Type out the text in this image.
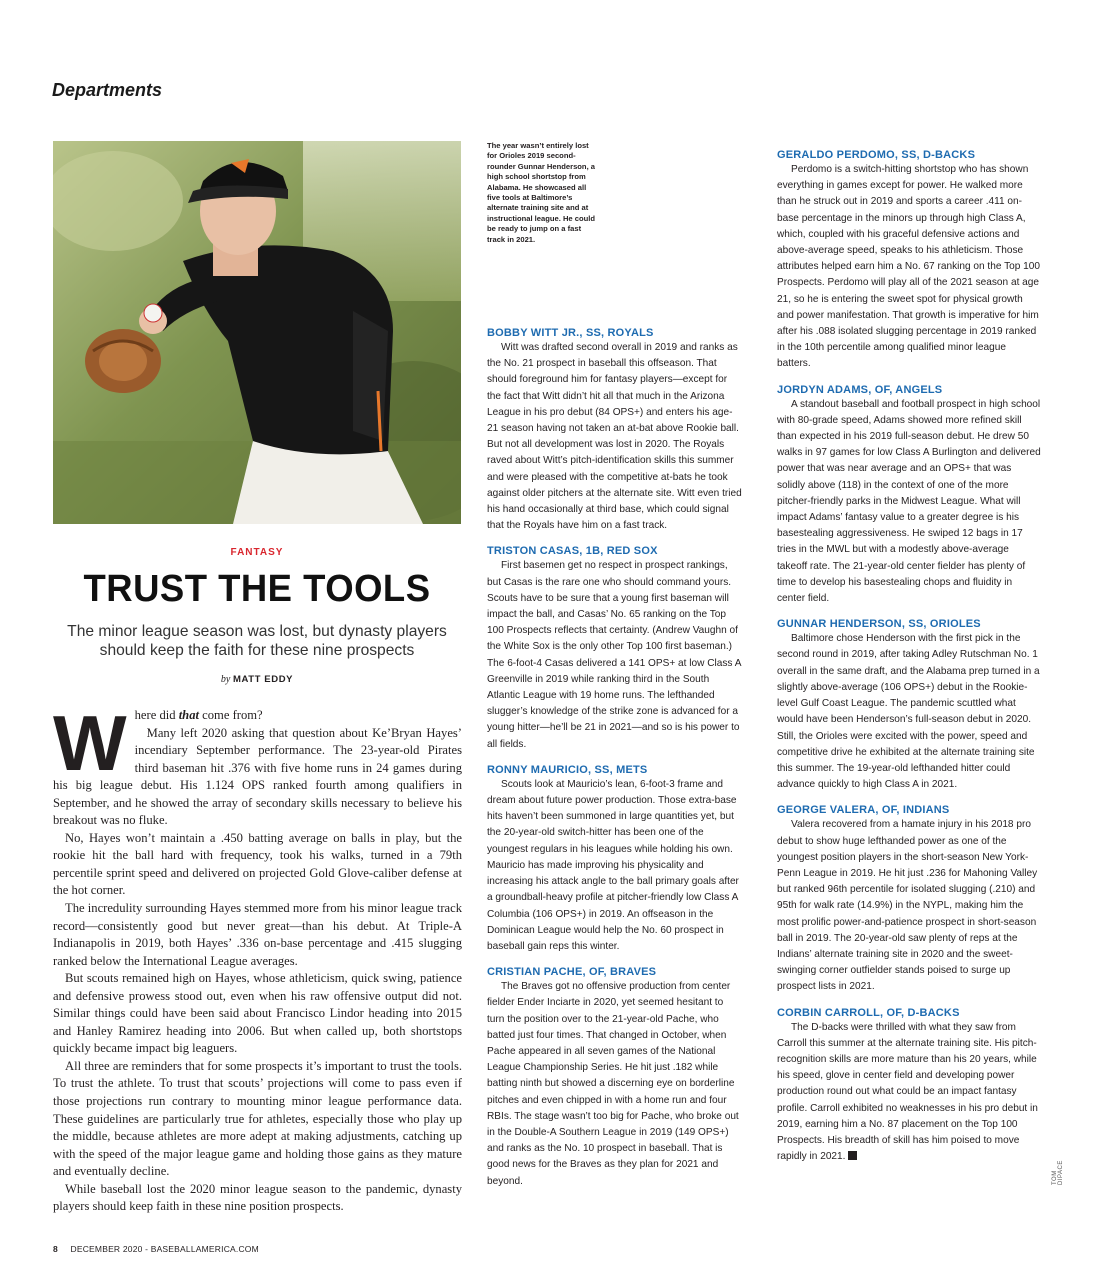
Departments
The year wasn’t entirely lost for Orioles 2019 second-rounder Gunnar Henderson, a high school shortstop from Alabama. He showcased all five tools at Baltimore’s alternate training site and at instructional league. He could be ready to jump on a fast track in 2021.
FANTASY
TRUST THE TOOLS
The minor league season was lost, but dynasty players should keep the faith for these nine prospects
by MATT EDDY

Where did that come from?

Many left 2020 asking that question about Ke’Bryan Hayes’ incendiary September performance. The 23-year-old Pirates third baseman hit .376 with five home runs in 24 games during his big league debut. His 1.124 OPS ranked fourth among qualifiers in September, and he showed the array of secondary skills necessary to believe his breakout was no fluke.

No, Hayes won’t maintain a .450 batting average on balls in play, but the rookie hit the ball hard with frequency, took his walks, turned in a 79th percentile sprint speed and delivered on projected Gold Glove-caliber defense at the hot corner.

The incredulity surrounding Hayes stemmed more from his minor league track record—consistently good but never great—than his debut. At Triple-A Indianapolis in 2019, both Hayes’ .336 on-base percentage and .415 slugging ranked below the International League averages.

But scouts remained high on Hayes, whose athleticism, quick swing, patience and defensive prowess stood out, even when his raw offensive output did not. Similar things could have been said about Francisco Lindor heading into 2015 and Hanley Ramirez heading into 2006. But when called up, both shortstops quickly became impact big leaguers.

All three are reminders that for some prospects it’s important to trust the tools. To trust the athlete. To trust that scouts’ projections will come to pass even if those projections run contrary to mounting minor league performance data. These guidelines are particularly true for athletes, especially those who play up the middle, because athletes are more adept at making adjustments, catching up with the speed of the major league game and holding those gains as they mature and eventually decline.

While baseball lost the 2020 minor league season to the pandemic, dynasty players should keep faith in these nine position prospects.

BOBBY WITT JR., SS, ROYALS

Witt was drafted second overall in 2019 and ranks as the No. 21 prospect in baseball this offseason. That should foreground him for fantasy players—except for the fact that Witt didn’t hit all that much in the Arizona League in his pro debut (84 OPS+) and enters his age-21 season having not taken an at-bat above Rookie ball. But not all development was lost in 2020. The Royals raved about Witt’s pitch-identification skills this summer and were pleased with the competitive at-bats he took against older pitchers at the alternate site. Witt even tried his hand occasionally at third base, which could signal that the Royals have him on a fast track.

TRISTON CASAS, 1B, RED SOX

First basemen get no respect in prospect rankings, but Casas is the rare one who should command yours. Scouts have to be sure that a young first baseman will impact the ball, and Casas’ No. 65 ranking on the Top 100 Prospects reflects that certainty. (Andrew Vaughn of the White Sox is the only other Top 100 first baseman.) The 6-foot-4 Casas delivered a 141 OPS+ at low Class A Greenville in 2019 while ranking third in the South Atlantic League with 19 home runs. The lefthanded slugger’s knowledge of the strike zone is advanced for a young hitter—he’ll be 21 in 2021—and so is his power to all fields.

RONNY MAURICIO, SS, METS

Scouts look at Mauricio’s lean, 6-foot-3 frame and dream about future power production. Those extra-base hits haven’t been summoned in large quantities yet, but the 20-year-old switch-hitter has been one of the youngest regulars in his leagues while holding his own. Mauricio has made improving his physicality and increasing his attack angle to the ball primary goals after a groundball-heavy profile at pitcher-friendly low Class A Columbia (106 OPS+) in 2019. An offseason in the Dominican League would help the No. 60 prospect in baseball gain reps this winter.

CRISTIAN PACHE, OF, BRAVES

The Braves got no offensive production from center fielder Ender Inciarte in 2020, yet seemed hesitant to turn the position over to the 21-year-old Pache, who batted just four times. That changed in October, when Pache appeared in all seven games of the National League Championship Series. He hit just .182 while batting ninth but showed a discerning eye on borderline pitches and even chipped in with a home run and four RBIs. The stage wasn’t too big for Pache, who broke out in the Double-A Southern League in 2019 (149 OPS+) and ranks as the No. 10 prospect in baseball. That is good news for the Braves as they plan for 2021 and beyond.

GERALDO PERDOMO, SS, D-BACKS

Perdomo is a switch-hitting shortstop who has shown everything in games except for power. He walked more than he struck out in 2019 and sports a career .411 on-base percentage in the minors up through high Class A, which, coupled with his graceful defensive actions and above-average speed, speaks to his athleticism. Those attributes helped earn him a No. 67 ranking on the Top 100 Prospects. Perdomo will play all of the 2021 season at age 21, so he is entering the sweet spot for physical growth and power manifestation. That growth is imperative for him after his .088 isolated slugging percentage in 2019 ranked in the 10th percentile among qualified minor league batters.

JORDYN ADAMS, OF, ANGELS

A standout baseball and football prospect in high school with 80-grade speed, Adams showed more refined skill than expected in his 2019 full-season debut. He drew 50 walks in 97 games for low Class A Burlington and delivered power that was near average and an OPS+ that was solidly above (118) in the context of one of the more pitcher-friendly parks in the Midwest League. What will impact Adams’ fantasy value to a greater degree is his basestealing aggressiveness. He swiped 12 bags in 17 tries in the MWL but with a modestly above-average takeoff rate. The 21-year-old center fielder has plenty of time to develop his basestealing chops and fluidity in center field.

GUNNAR HENDERSON, SS, ORIOLES

Baltimore chose Henderson with the first pick in the second round in 2019, after taking Adley Rutschman No. 1 overall in the same draft, and the Alabama prep turned in a slightly above-average (106 OPS+) debut in the Rookie-level Gulf Coast League. The pandemic scuttled what would have been Henderson’s full-season debut in 2020. Still, the Orioles were excited with the power, speed and competitive drive he exhibited at the alternate training site this summer. The 19-year-old lefthanded hitter could advance quickly to high Class A in 2021.

GEORGE VALERA, OF, INDIANS

Valera recovered from a hamate injury in his 2018 pro debut to show huge lefthanded power as one of the youngest position players in the short-season New York-Penn League in 2019. He hit just .236 for Mahoning Valley but ranked 96th percentile for isolated slugging (.210) and 95th for walk rate (14.9%) in the NYPL, making him the most prolific power-and-patience prospect in short-season ball in 2019. The 20-year-old saw plenty of reps at the Indians’ alternate training site in 2020 and the sweet-swinging corner outfielder stands poised to surge up prospect lists in 2021.

CORBIN CARROLL, OF, D-BACKS

The D-backs were thrilled with what they saw from Carroll this summer at the alternate training site. His pitch-recognition skills are more mature than his 20 years, while his speed, glove in center field and developing power production round out what could be an impact fantasy profile. Carroll exhibited no weaknesses in his pro debut in 2019, earning him a No. 87 placement on the Top 100 Prospects. His breadth of skill has him poised to move rapidly in 2021.

TOM DIPACE
8 DECEMBER 2020 - BASEBALLAMERICA.COM
